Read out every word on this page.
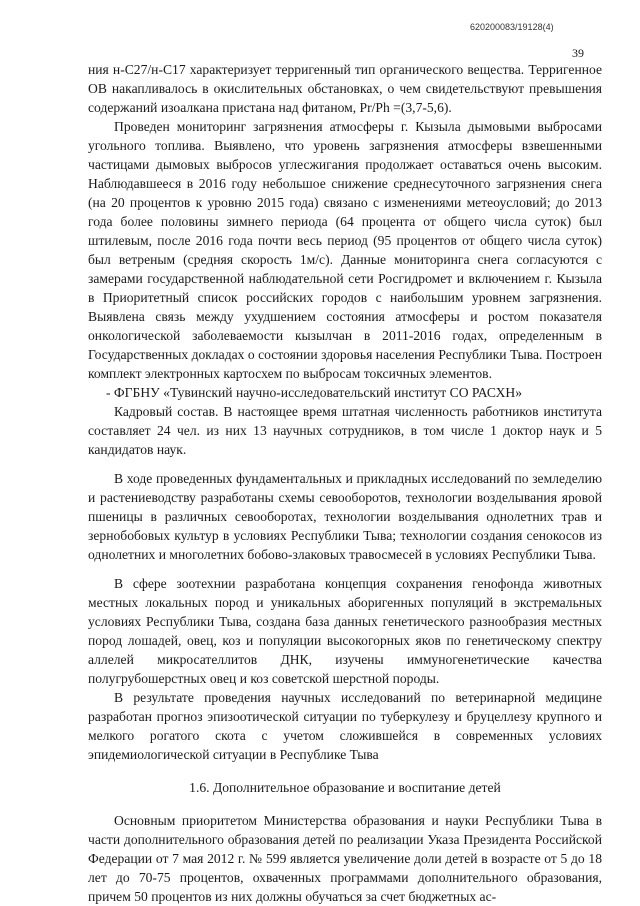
620200083/19128(4)
39

ния н-С27/н-С17 характеризует терригенный тип органического вещества. Терригенное ОВ накапливалось в окислительных обстановках, о чем свидетельствуют превышения содержаний изоалкана пристана над фитаном, Pr/Ph =(3,7-5,6).

Проведен мониторинг загрязнения атмосферы г. Кызыла дымовыми выбросами угольного топлива. Выявлено, что уровень загрязнения атмосферы взвешенными частицами дымовых выбросов углесжигания продолжает оставаться очень высоким. Наблюдавшееся в 2016 году небольшое снижение среднесуточного загрязнения снега (на 20 процентов к уровню 2015 года) связано с изменениями метеоусловий; до 2013 года более половины зимнего периода (64 процента от общего числа суток) был штилевым, после 2016 года почти весь период (95 процентов от общего числа суток) был ветреным (средняя скорость 1м/с). Данные мониторинга снега согласуются с замерами государственной наблюдательной сети Росгидромет и включением г. Кызыла в Приоритетный список российских городов с наибольшим уровнем загрязнения. Выявлена связь между ухудшением состояния атмосферы и ростом показателя онкологической заболеваемости кызылчан в 2011-2016 годах, определенным в Государственных докладах о состоянии здоровья населения Республики Тыва. Построен комплект электронных картосхем по выбросам токсичных элементов.

- ФГБНУ «Тувинский научно-исследовательский институт СО РАСХН»

Кадровый состав. В настоящее время штатная численность работников института составляет 24 чел. из них 13 научных сотрудников, в том числе 1 доктор наук и 5 кандидатов наук.

В ходе проведенных фундаментальных и прикладных исследований по земледелию и растениеводству разработаны схемы севооборотов, технологии возделывания яровой пшеницы в различных севооборотах, технологии возделывания однолетних трав и зернобобовых культур в условиях Республики Тыва; технологии создания сенокосов из однолетних и многолетних бобово-злаковых травосмесей в условиях Республики Тыва.

В сфере зоотехнии разработана концепция сохранения генофонда животных местных локальных пород и уникальных аборигенных популяций в экстремальных условиях Республики Тыва, создана база данных генетического разнообразия местных пород лошадей, овец, коз и популяции высокогорных яков по генетическому спектру аллелей микросателлитов ДНК, изучены иммуногенетические качества полугрубошерстных овец и коз советской шерстной породы.

В результате проведения научных исследований по ветеринарной медицине разработан прогноз эпизоотической ситуации по туберкулезу и бруцеллезу крупного и мелкого рогатого скота с учетом сложившейся в современных условиях эпидемиологической ситуации в Республике Тыва

1.6. Дополнительное образование и воспитание детей

Основным приоритетом Министерства образования и науки Республики Тыва в части дополнительного образования детей по реализации Указа Президента Российской Федерации от 7 мая 2012 г. № 599 является увеличение доли детей в возрасте от 5 до 18 лет до 70-75 процентов, охваченных программами дополнительного образования, причем 50 процентов из них должны обучаться за счет бюджетных ас-
